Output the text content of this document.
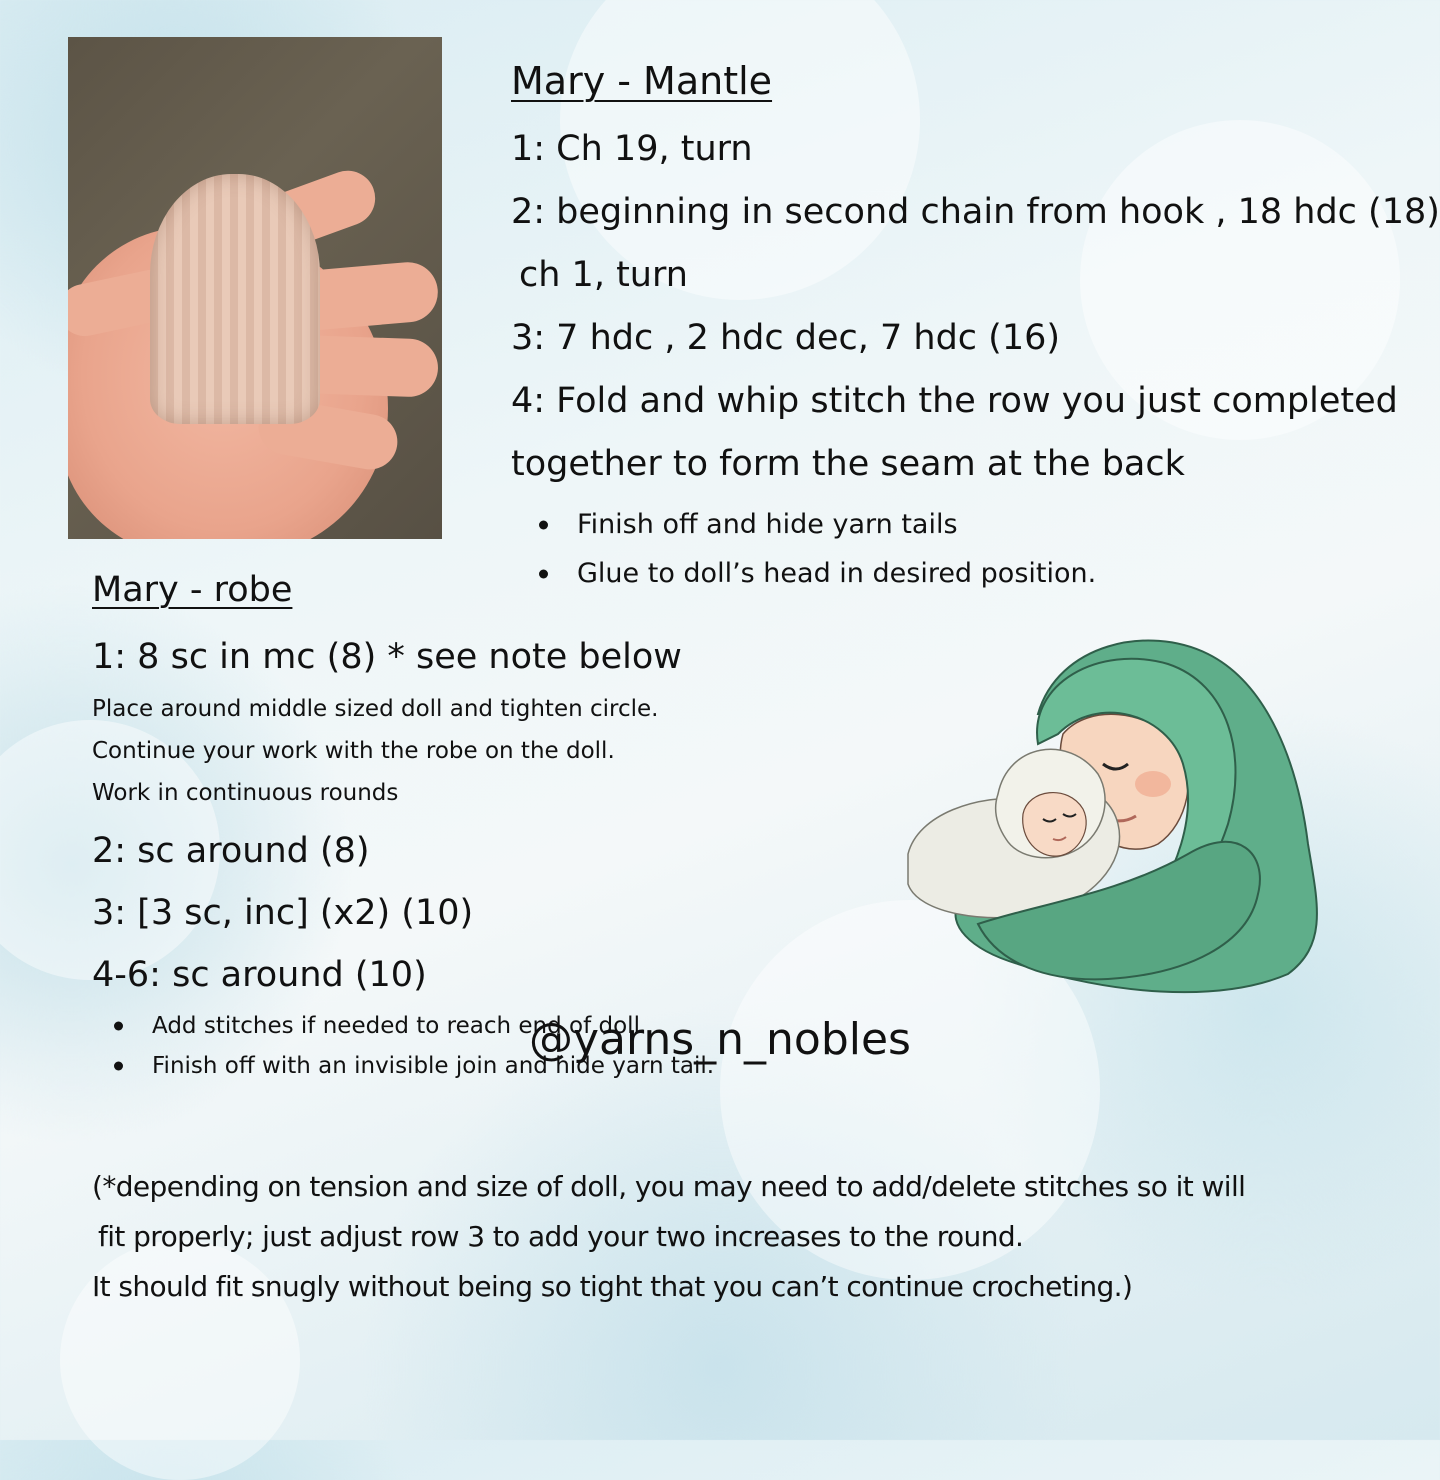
Mary - Mantle
1: Ch 19, turn
2: beginning in second chain from hook , 18 hdc (18)
ch 1, turn
3: 7 hdc , 2 hdc dec, 7 hdc (16)
4: Fold and whip stitch the row you just completed
together to form the seam at the back
Finish off and hide yarn tails
Glue to doll’s head in desired position.
Mary - robe
1: 8 sc in mc (8) * see note below
Place around middle sized doll and tighten circle.
Continue your work with the robe on the doll.
Work in continuous rounds
2: sc around (8)
3: [3 sc, inc] (x2) (10)
4-6: sc around (10)
Add stitches if needed to reach end of doll
Finish off with an invisible join and hide yarn tail.
(*depending on tension and size of doll, you may need to add/delete stitches so it will
fit properly; just adjust row 3 to add your two increases to the round.
It should fit snugly without being so tight that you can’t continue crocheting.)
@yarns_n_nobles
